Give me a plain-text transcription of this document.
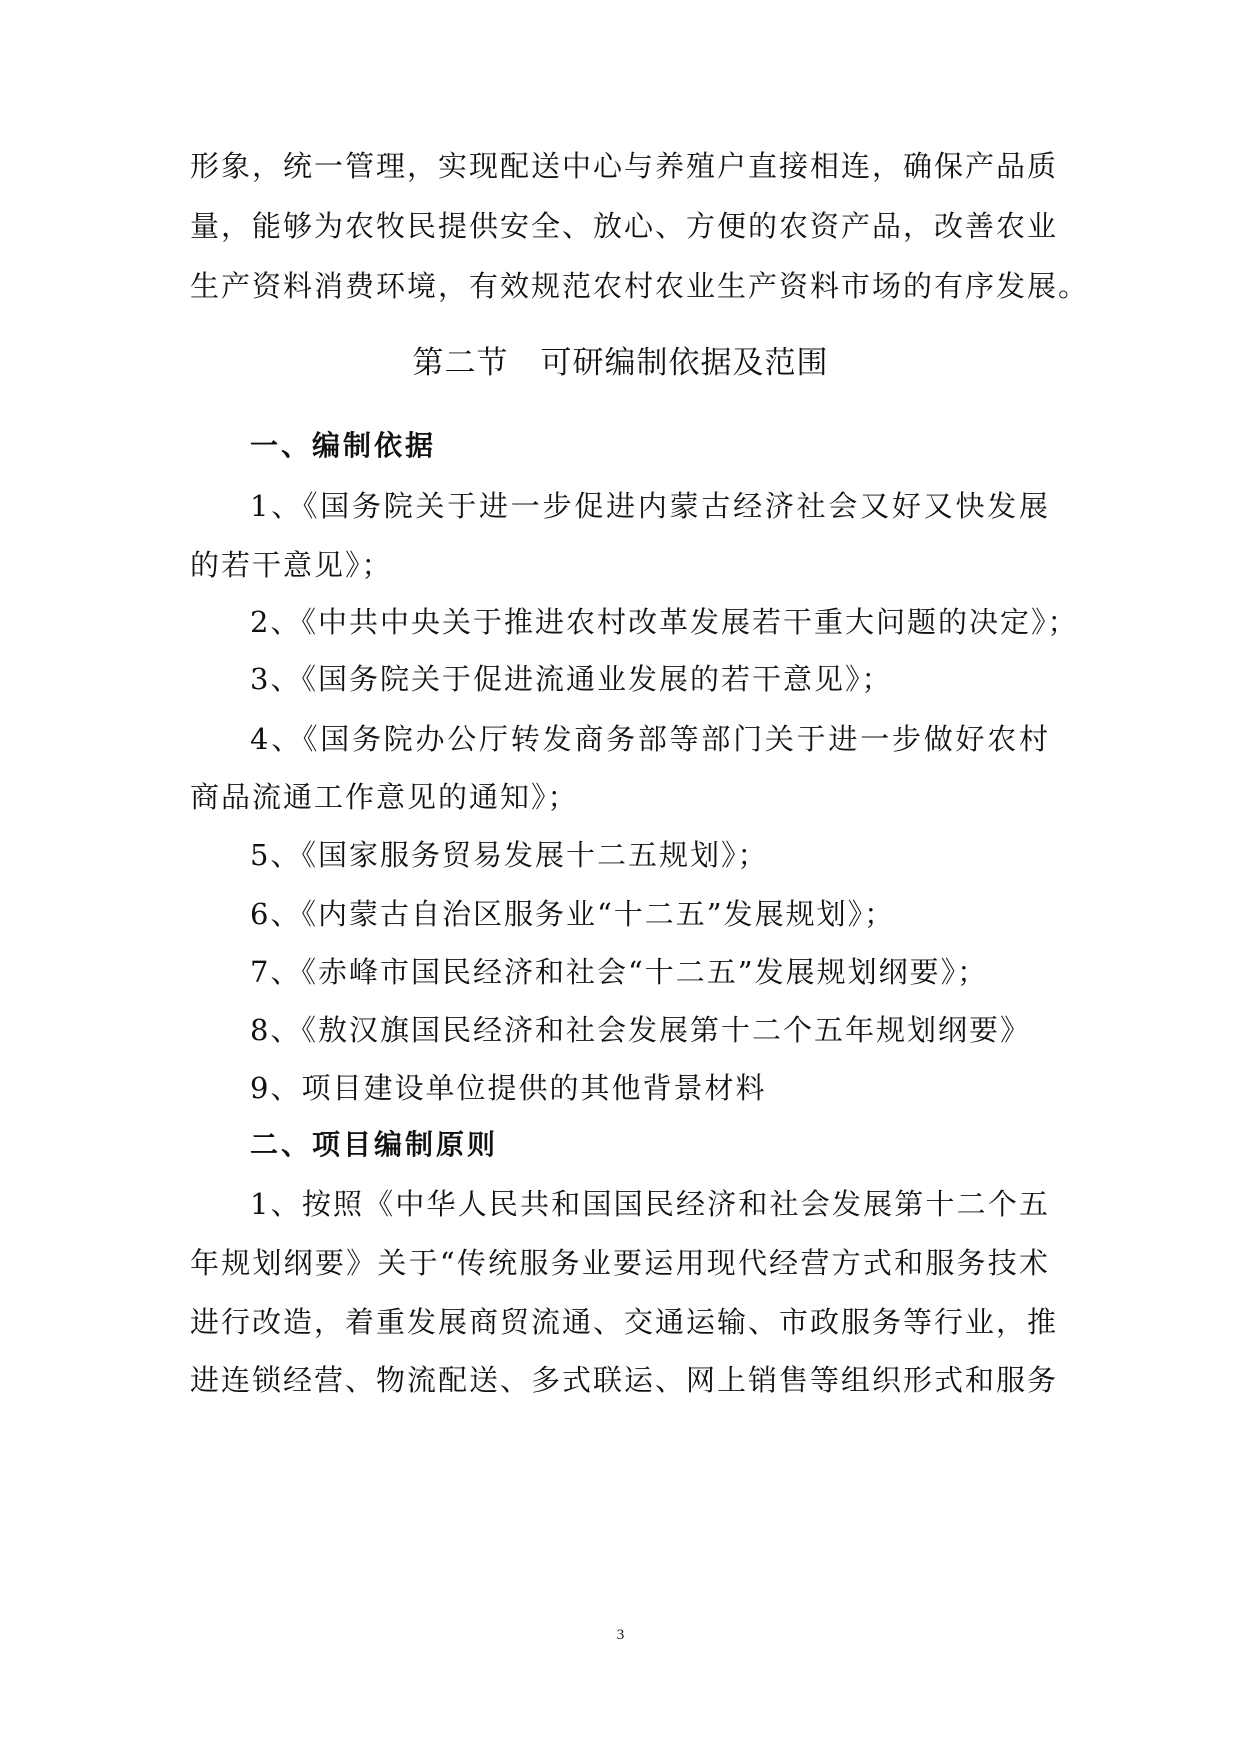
形象，统一管理，实现配送中心与养殖户直接相连，确保产品质
量，能够为农牧民提供安全、放心、方便的农资产品，改善农业
生产资料消费环境，有效规范农村农业生产资料市场的有序发展。
第二节　可研编制依据及范围
一、编制依据
1、《国务院关于进一步促进内蒙古经济社会又好又快发展
的若干意见》；
2、《中共中央关于推进农村改革发展若干重大问题的决定》；
3、《国务院关于促进流通业发展的若干意见》；
4、《国务院办公厅转发商务部等部门关于进一步做好农村
商品流通工作意见的通知》；
5、《国家服务贸易发展十二五规划》；
6、《内蒙古自治区服务业“十二五”发展规划》；
7、《赤峰市国民经济和社会“十二五”发展规划纲要》；
8、《敖汉旗国民经济和社会发展第十二个五年规划纲要》
9、项目建设单位提供的其他背景材料
二、项目编制原则
1、按照《中华人民共和国国民经济和社会发展第十二个五
年规划纲要》关于“传统服务业要运用现代经营方式和服务技术
进行改造，着重发展商贸流通、交通运输、市政服务等行业，推
进连锁经营、物流配送、多式联运、网上销售等组织形式和服务
3
